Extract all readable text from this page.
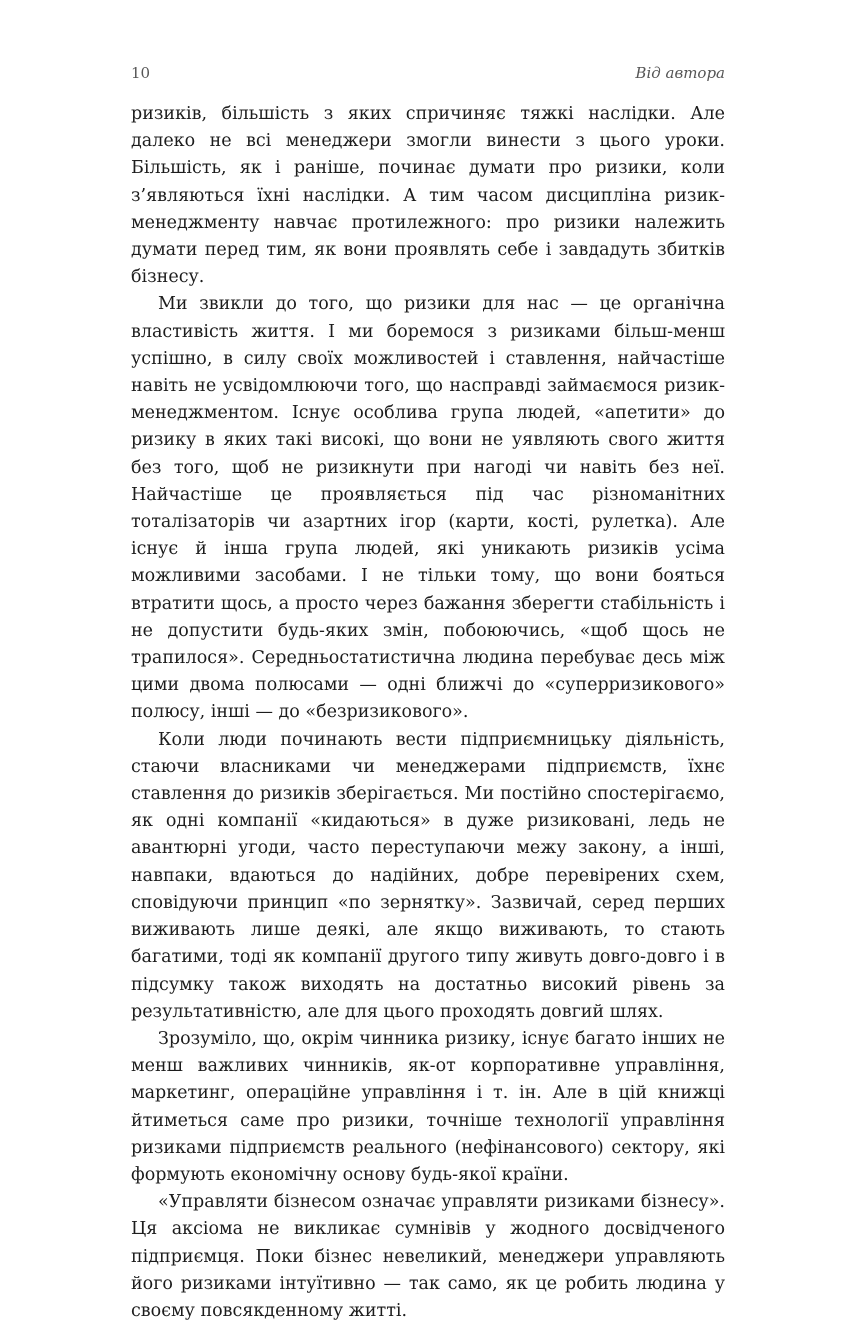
10	Від автора

ризиків, більшість з яких спричиняє тяжкі наслідки. Але далеко не всі менеджери змогли винести з цього уроки. Більшість, як і раніше, починає думати про ризики, коли з’являються їхні наслідки. А тим часом дисципліна ризик-менеджменту навчає протилежного: про ризики належить думати перед тим, як вони проявлять себе і завдадуть збитків бізнесу.

Ми звикли до того, що ризики для нас — це органічна властивість життя. І ми боремося з ризиками більш-менш успішно, в силу своїх можливостей і ставлення, найчастіше навіть не усвідомлюючи того, що насправді займаємося ризик-менеджментом. Існує особлива група людей, «апетити» до ризику в яких такі високі, що вони не уявляють свого життя без того, щоб не ризикнути при нагоді чи навіть без неї. Найчастіше це проявляється під час різноманітних тоталізаторів чи азартних ігор (карти, кості, рулетка). Але існує й інша група людей, які уникають ризиків усіма можливими засобами. І не тільки тому, що вони бояться втратити щось, а просто через бажання зберегти стабільність і не допустити будь-яких змін, побоюючись, «щоб щось не трапилося». Середньостатистична людина перебуває десь між цими двома полюсами — одні ближчі до «суперризикового» полюсу, інші — до «безризикового».

Коли люди починають вести підприємницьку діяльність, стаючи власниками чи менеджерами підприємств, їхнє ставлення до ризиків зберігається. Ми постійно спостерігаємо, як одні компанії «кидаються» в дуже ризиковані, ледь не авантюрні угоди, часто переступаючи межу закону, а інші, навпаки, вдаються до надійних, добре перевірених схем, сповідуючи принцип «по зернятку». Зазвичай, серед перших виживають лише деякі, але якщо виживають, то стають багатими, тоді як компанії другого типу живуть довго-довго і в підсумку також виходять на достатньо високий рівень за результативністю, але для цього проходять довгий шлях.

Зрозуміло, що, окрім чинника ризику, існує багато інших не менш важливих чинників, як-от корпоративне управління, маркетинг, операційне управління і т. ін. Але в цій книжці йтиметься саме про ризики, точніше технології управління ризиками підприємств реального (нефінансового) сектору, які формують економічну основу будь-якої країни.

«Управляти бізнесом означає управляти ризиками бізнесу». Ця аксіома не викликає сумнівів у жодного досвідченого підприємця. Поки бізнес невеликий, менеджери управляють його ризиками інтуїтивно — так само, як це робить людина у своєму повсякденному житті.
